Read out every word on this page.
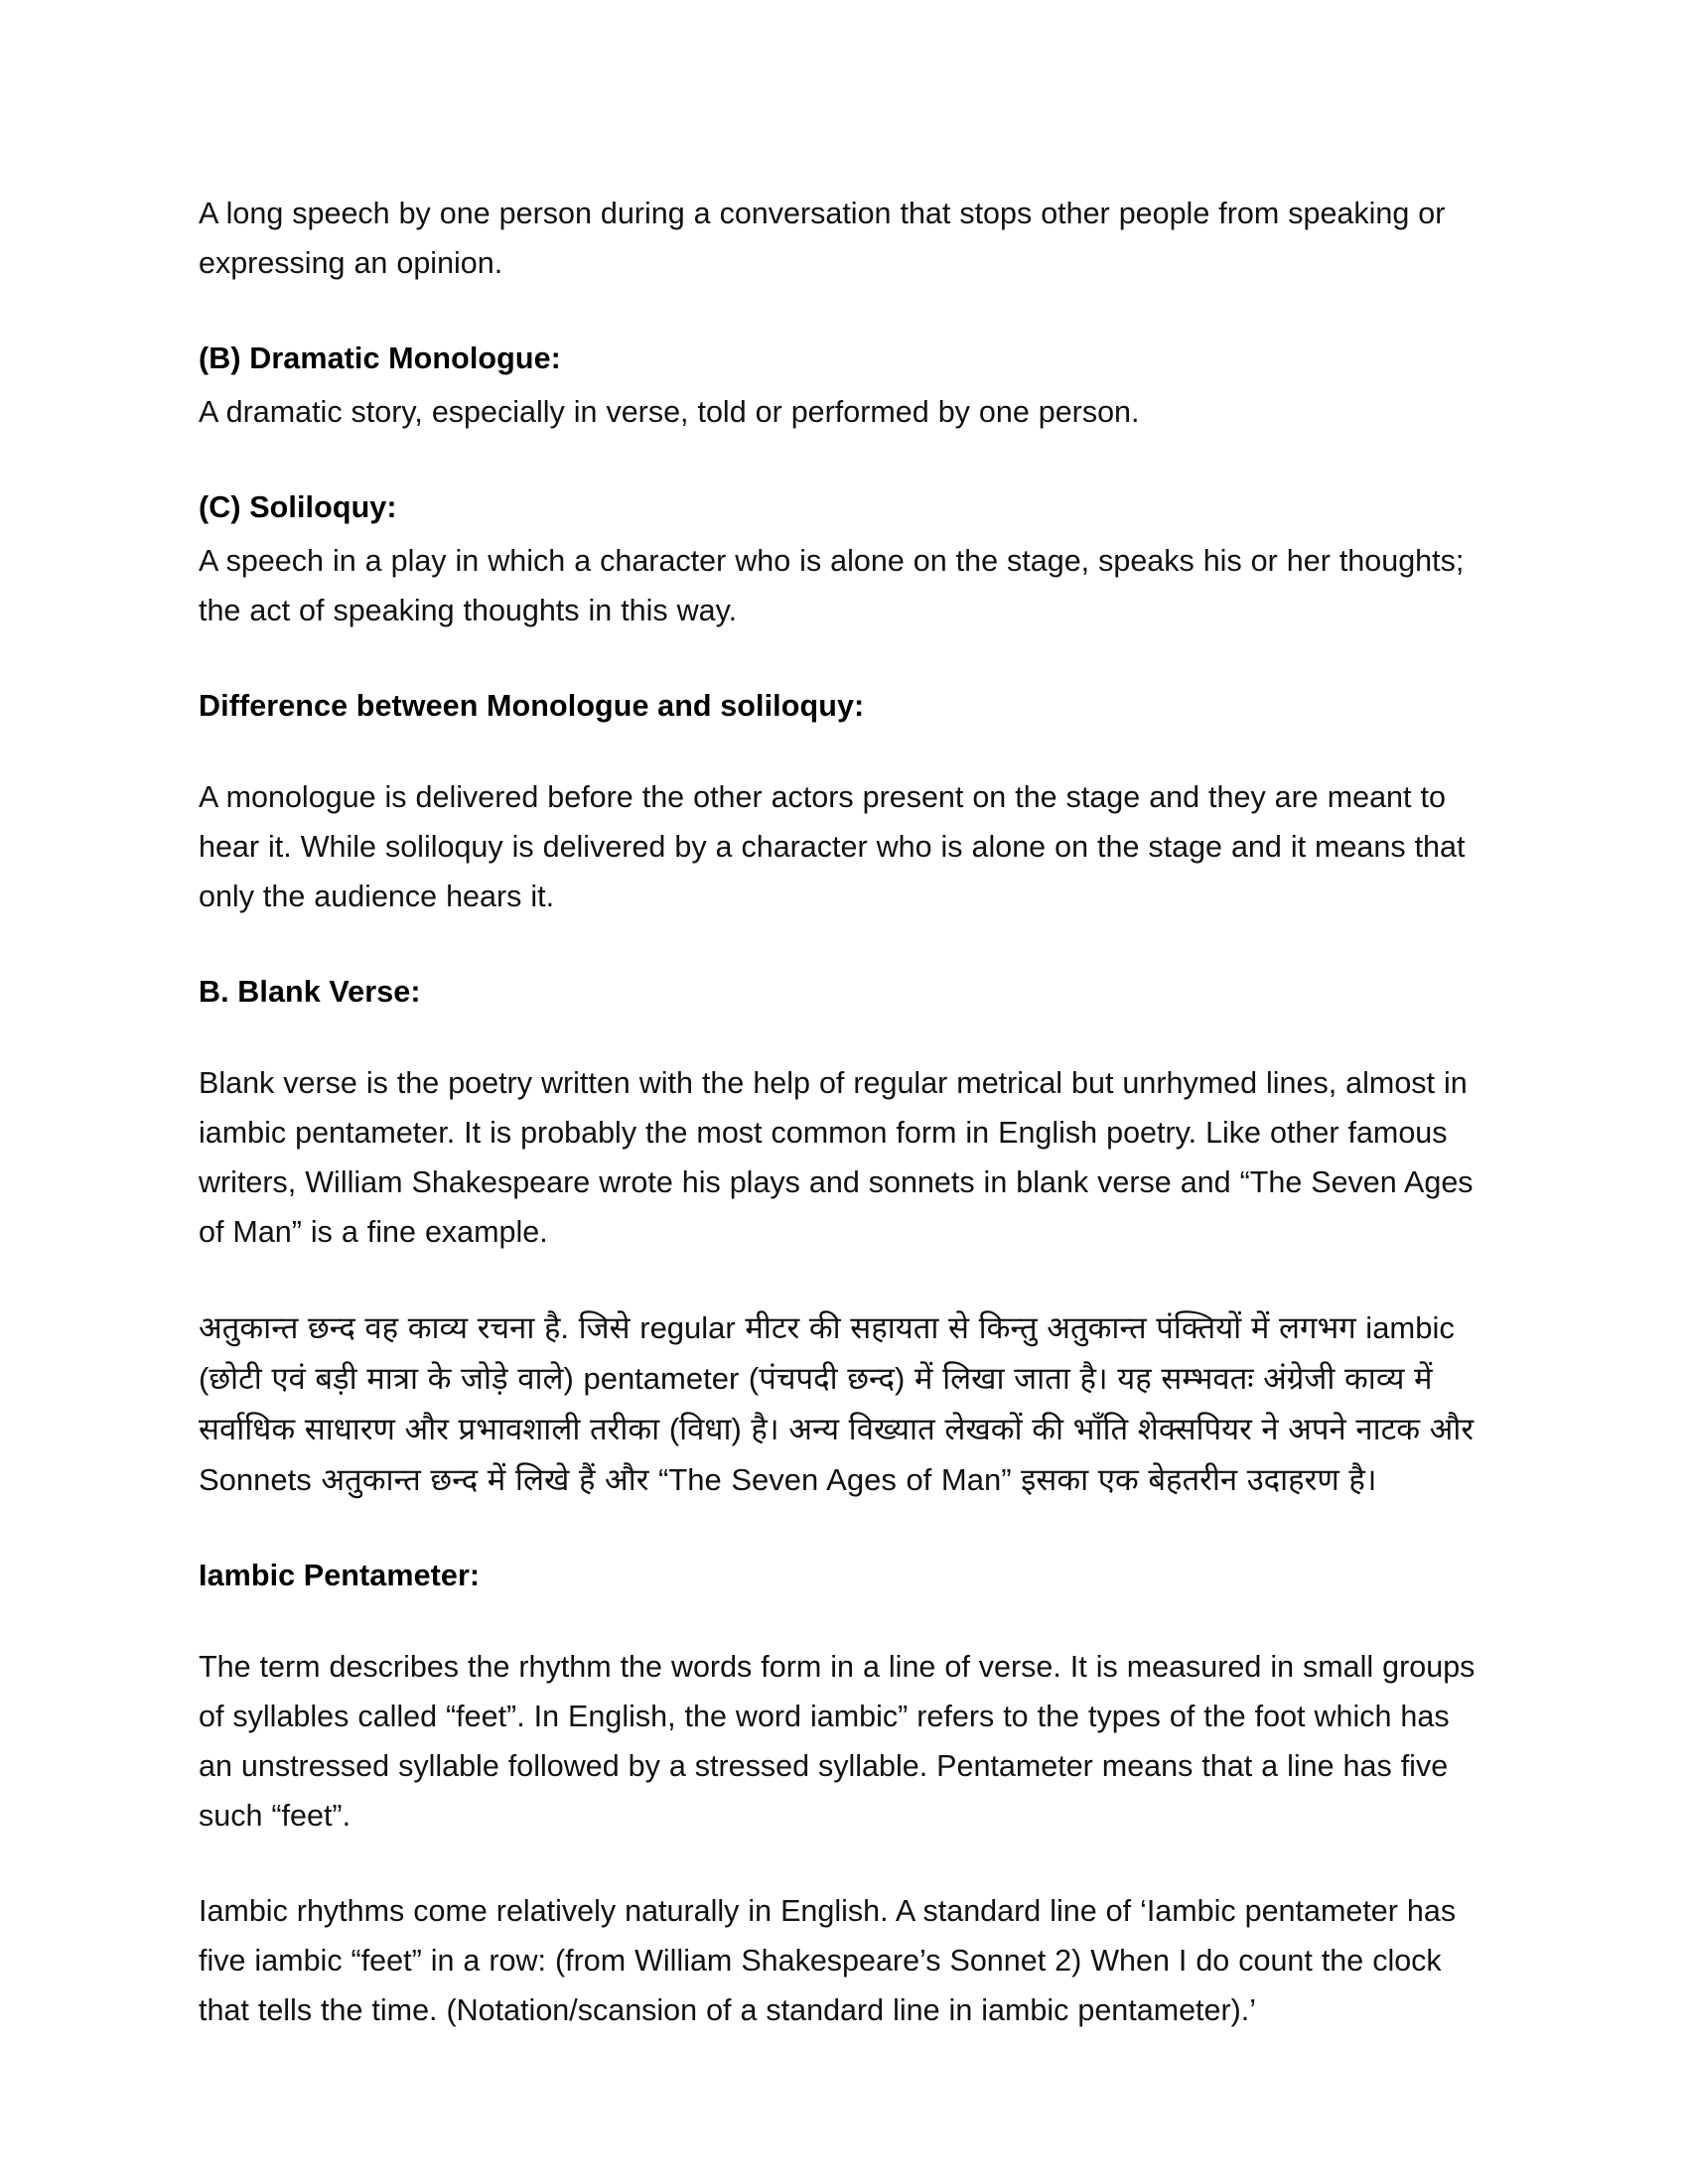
A long speech by one person during a conversation that stops other people from speaking or expressing an opinion.

(B) Dramatic Monologue:

A dramatic story, especially in verse, told or performed by one person.

(C) Soliloquy:

A speech in a play in which a character who is alone on the stage, speaks his or her thoughts; the act of speaking thoughts in this way.

Difference between Monologue and soliloquy:

A monologue is delivered before the other actors present on the stage and they are meant to hear it. While soliloquy is delivered by a character who is alone on the stage and it means that only the audience hears it.

B. Blank Verse:

Blank verse is the poetry written with the help of regular metrical but unrhymed lines, almost in iambic pentameter. It is probably the most common form in English poetry. Like other famous writers, William Shakespeare wrote his plays and sonnets in blank verse and “The Seven Ages of Man” is a fine example.

अतुकान्त छन्द वह काव्य रचना है. जिसे regular मीटर की सहायता से किन्तु अतुकान्त पंक्तियों में लगभग iambic (छोटी एवं बड़ी मात्रा के जोड़े वाले) pentameter (पंचपदी छन्द) में लिखा जाता है। यह सम्भवतः अंग्रेजी काव्य में सर्वाधिक साधारण और प्रभावशाली तरीका (विधा) है। अन्य विख्यात लेखकों की भाँति शेक्सपियर ने अपने नाटक और Sonnets अतुकान्त छन्द में लिखे हैं और “The Seven Ages of Man” इसका एक बेहतरीन उदाहरण है।

Iambic Pentameter:

The term describes the rhythm the words form in a line of verse. It is measured in small groups of syllables called “feet”. In English, the word iambic” refers to the types of the foot which has an unstressed syllable followed by a stressed syllable. Pentameter means that a line has five such “feet”.

Iambic rhythms come relatively naturally in English. A standard line of ‘Iambic pentameter has five iambic “feet” in a row: (from William Shakespeare’s Sonnet 2) When I do count the clock that tells the time. (Notation/scansion of a standard line in iambic pentameter).’
